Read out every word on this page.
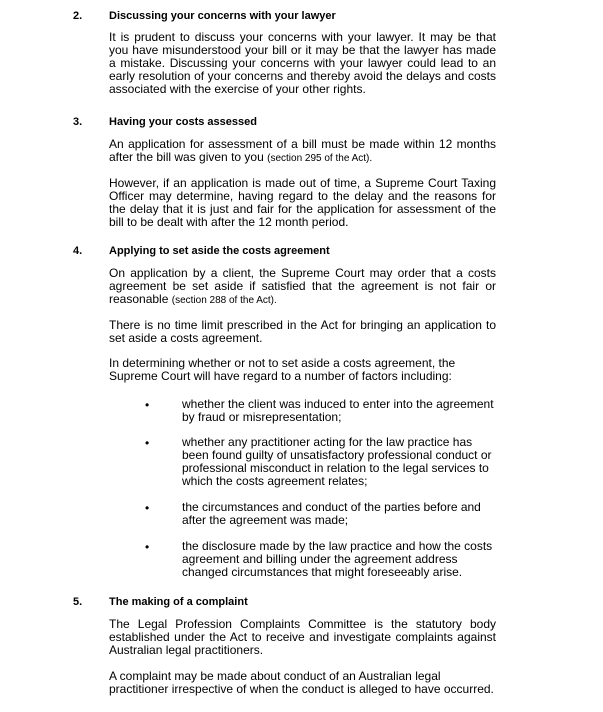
2. Discussing your concerns with your lawyer
It is prudent to discuss your concerns with your lawyer. It may be that you have misunderstood your bill or it may be that the lawyer has made a mistake. Discussing your concerns with your lawyer could lead to an early resolution of your concerns and thereby avoid the delays and costs associated with the exercise of your other rights.
3. Having your costs assessed
An application for assessment of a bill must be made within 12 months after the bill was given to you (section 295 of the Act).
However, if an application is made out of time, a Supreme Court Taxing Officer may determine, having regard to the delay and the reasons for the delay that it is just and fair for the application for assessment of the bill to be dealt with after the 12 month period.
4. Applying to set aside the costs agreement
On application by a client, the Supreme Court may order that a costs agreement be set aside if satisfied that the agreement is not fair or reasonable (section 288 of the Act).
There is no time limit prescribed in the Act for bringing an application to set aside a costs agreement.
In determining whether or not to set aside a costs agreement, the Supreme Court will have regard to a number of factors including:
•	whether the client was induced to enter into the agreement by fraud or misrepresentation;
•	whether any practitioner acting for the law practice has been found guilty of unsatisfactory professional conduct or professional misconduct in relation to the legal services to which the costs agreement relates;
•	the circumstances and conduct of the parties before and after the agreement was made;
•	the disclosure made by the law practice and how the costs agreement and billing under the agreement address changed circumstances that might foreseeably arise.
5. The making of a complaint
The Legal Profession Complaints Committee is the statutory body established under the Act to receive and investigate complaints against Australian legal practitioners.
A complaint may be made about conduct of an Australian legal practitioner irrespective of when the conduct is alleged to have occurred.
